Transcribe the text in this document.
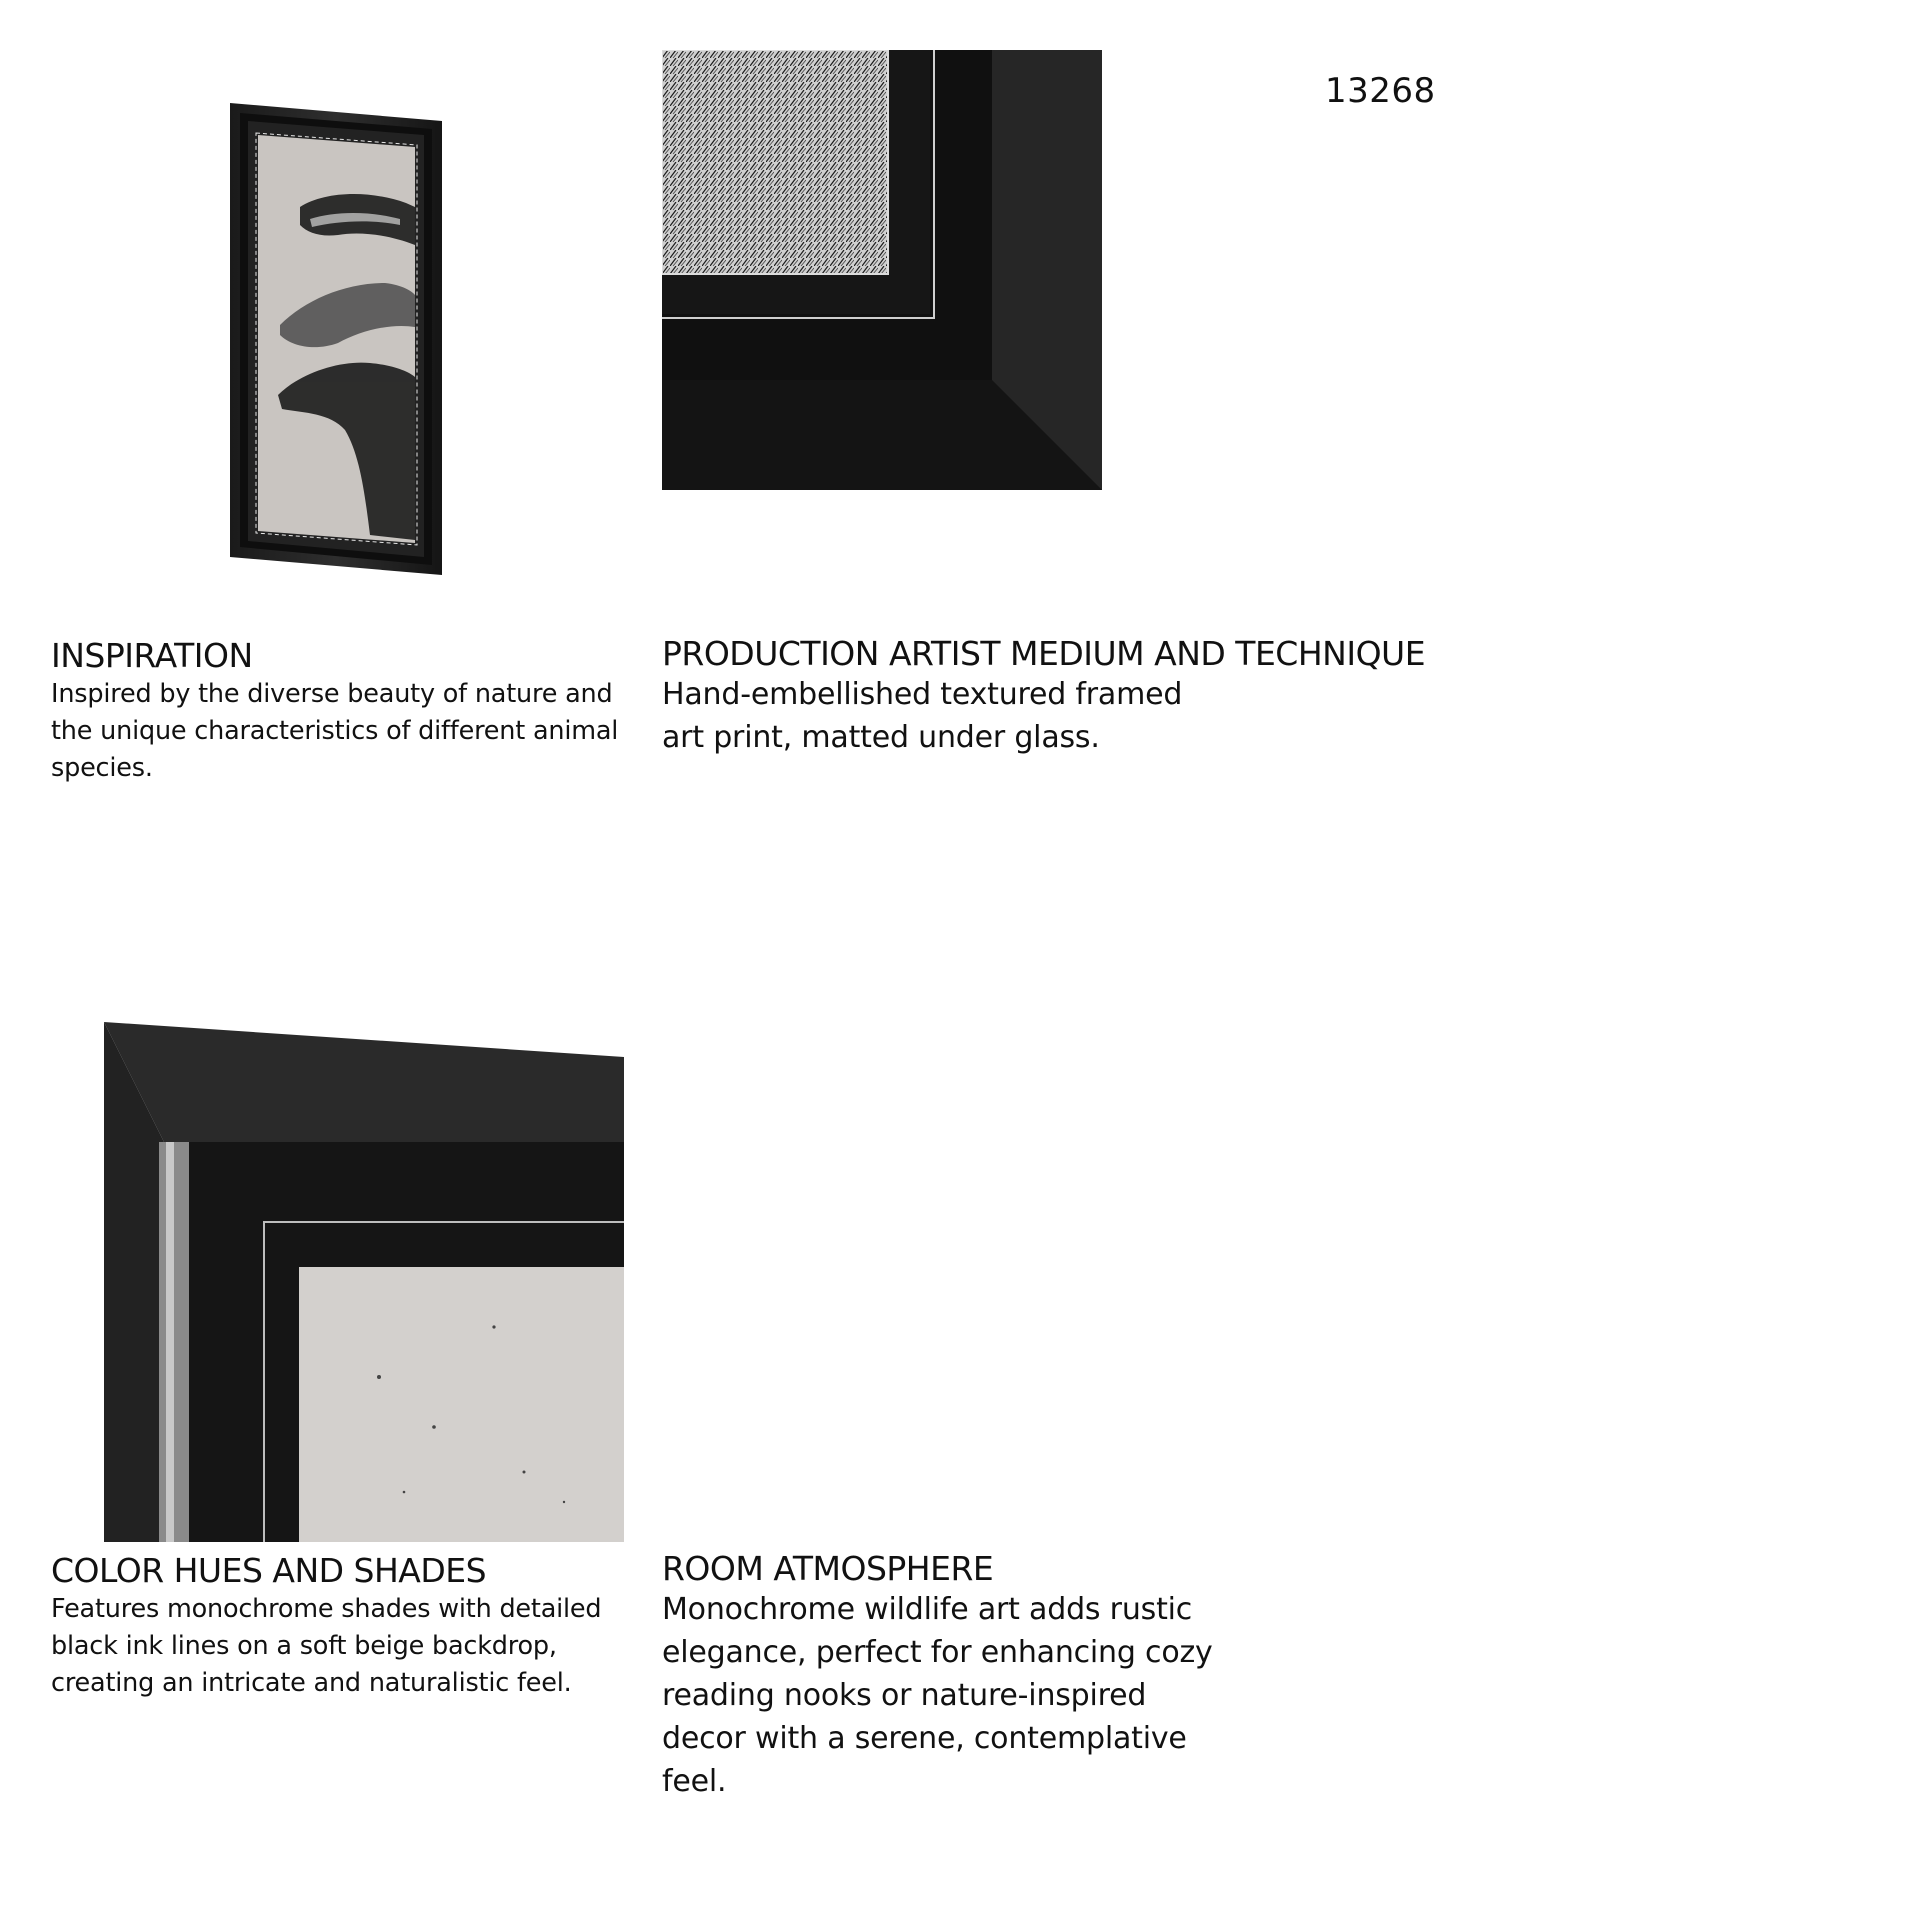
13268
INSPIRATION
Inspired by the diverse beauty of nature and the unique characteristics of different animal species.
PRODUCTION ARTIST MEDIUM AND TECHNIQUE
Hand-embellished textured framed art print, matted under glass.
COLOR HUES AND SHADES
Features monochrome shades with detailed black ink lines on a soft beige backdrop, creating an intricate and naturalistic feel.
ROOM ATMOSPHERE
Monochrome wildlife art adds rustic elegance, perfect for enhancing cozy reading nooks or nature-inspired decor with a serene, contemplative feel.
